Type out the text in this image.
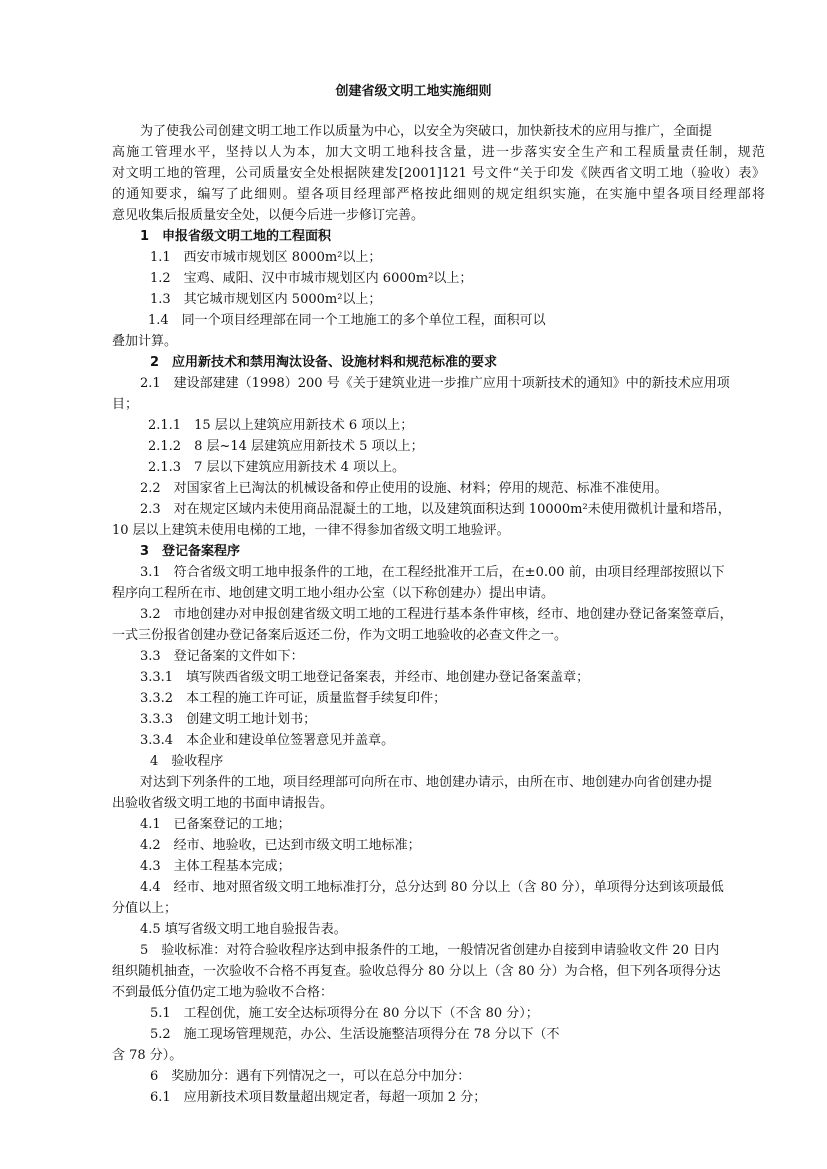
创建省级文明工地实施细则
为了使我公司创建文明工地工作以质量为中心，以安全为突破口，加快新技术的应用与推广，全面提
高施工管理水平，坚持以人为本，加大文明工地科技含量，进一步落实安全生产和工程质量责任制，规范
对文明工地的管理，公司质量安全处根据陕建发[2001]121 号文件“关于印发《陕西省文明工地（验收）表》
的通知要求，编写了此细则。望各项目经理部严格按此细则的规定组织实施，在实施中望各项目经理部将
意见收集后报质量安全处，以便今后进一步修订完善。
1　申报省级文明工地的工程面积
1.1　西安市城市规划区 8000m²以上；
1.2　宝鸡、咸阳、汉中市城市规划区内 6000m²以上；
1.3　其它城市规划区内 5000m²以上；
1.4　同一个项目经理部在同一个工地施工的多个单位工程，面积可以
叠加计算。
2　应用新技术和禁用淘汰设备、设施材料和规范标准的要求
2.1　建设部建建（1998）200 号《关于建筑业进一步推广应用十项新技术的通知》中的新技术应用项
目；
2.1.1　15 层以上建筑应用新技术 6 项以上；
2.1.2　8 层~14 层建筑应用新技术 5 项以上；
2.1.3　7 层以下建筑应用新技术 4 项以上。
2.2　对国家省上已淘汰的机械设备和停止使用的设施、材料；停用的规范、标准不准使用。
2.3　对在规定区域内未使用商品混凝土的工地，以及建筑面积达到 10000m²未使用微机计量和塔吊，
10 层以上建筑未使用电梯的工地，一律不得参加省级文明工地验评。
3　登记备案程序
3.1　符合省级文明工地申报条件的工地，在工程经批准开工后，在±0.00 前，由项目经理部按照以下
程序向工程所在市、地创建文明工地小组办公室（以下称创建办）提出申请。
3.2　市地创建办对申报创建省级文明工地的工程进行基本条件审核，经市、地创建办登记备案签章后，
一式三份报省创建办登记备案后返还二份，作为文明工地验收的必查文件之一。
3.3　登记备案的文件如下：
3.3.1　填写陕西省级文明工地登记备案表，并经市、地创建办登记备案盖章；
3.3.2　本工程的施工许可证，质量监督手续复印件；
3.3.3　创建文明工地计划书；
3.3.4　本企业和建设单位签署意见并盖章。
4　验收程序
对达到下列条件的工地，项目经理部可向所在市、地创建办请示，由所在市、地创建办向省创建办提
出验收省级文明工地的书面申请报告。
4.1　已备案登记的工地；
4.2　经市、地验收，已达到市级文明工地标准；
4.3　主体工程基本完成；
4.4　经市、地对照省级文明工地标准打分，总分达到 80 分以上（含 80 分），单项得分达到该项最低
分值以上；
4.5 填写省级文明工地自验报告表。
5　验收标准：对符合验收程序达到申报条件的工地，一般情况省创建办自接到申请验收文件 20 日内
组织随机抽查，一次验收不合格不再复查。验收总得分 80 分以上（含 80 分）为合格，但下列各项得分达
不到最低分值仍定工地为验收不合格：
5.1　工程创优，施工安全达标项得分在 80 分以下（不含 80 分）；
5.2　施工现场管理规范，办公、生活设施整洁项得分在 78 分以下（不
含 78 分）。
6　奖励加分：遇有下列情况之一，可以在总分中加分：
6.1　应用新技术项目数量超出规定者，每超一项加 2 分；
